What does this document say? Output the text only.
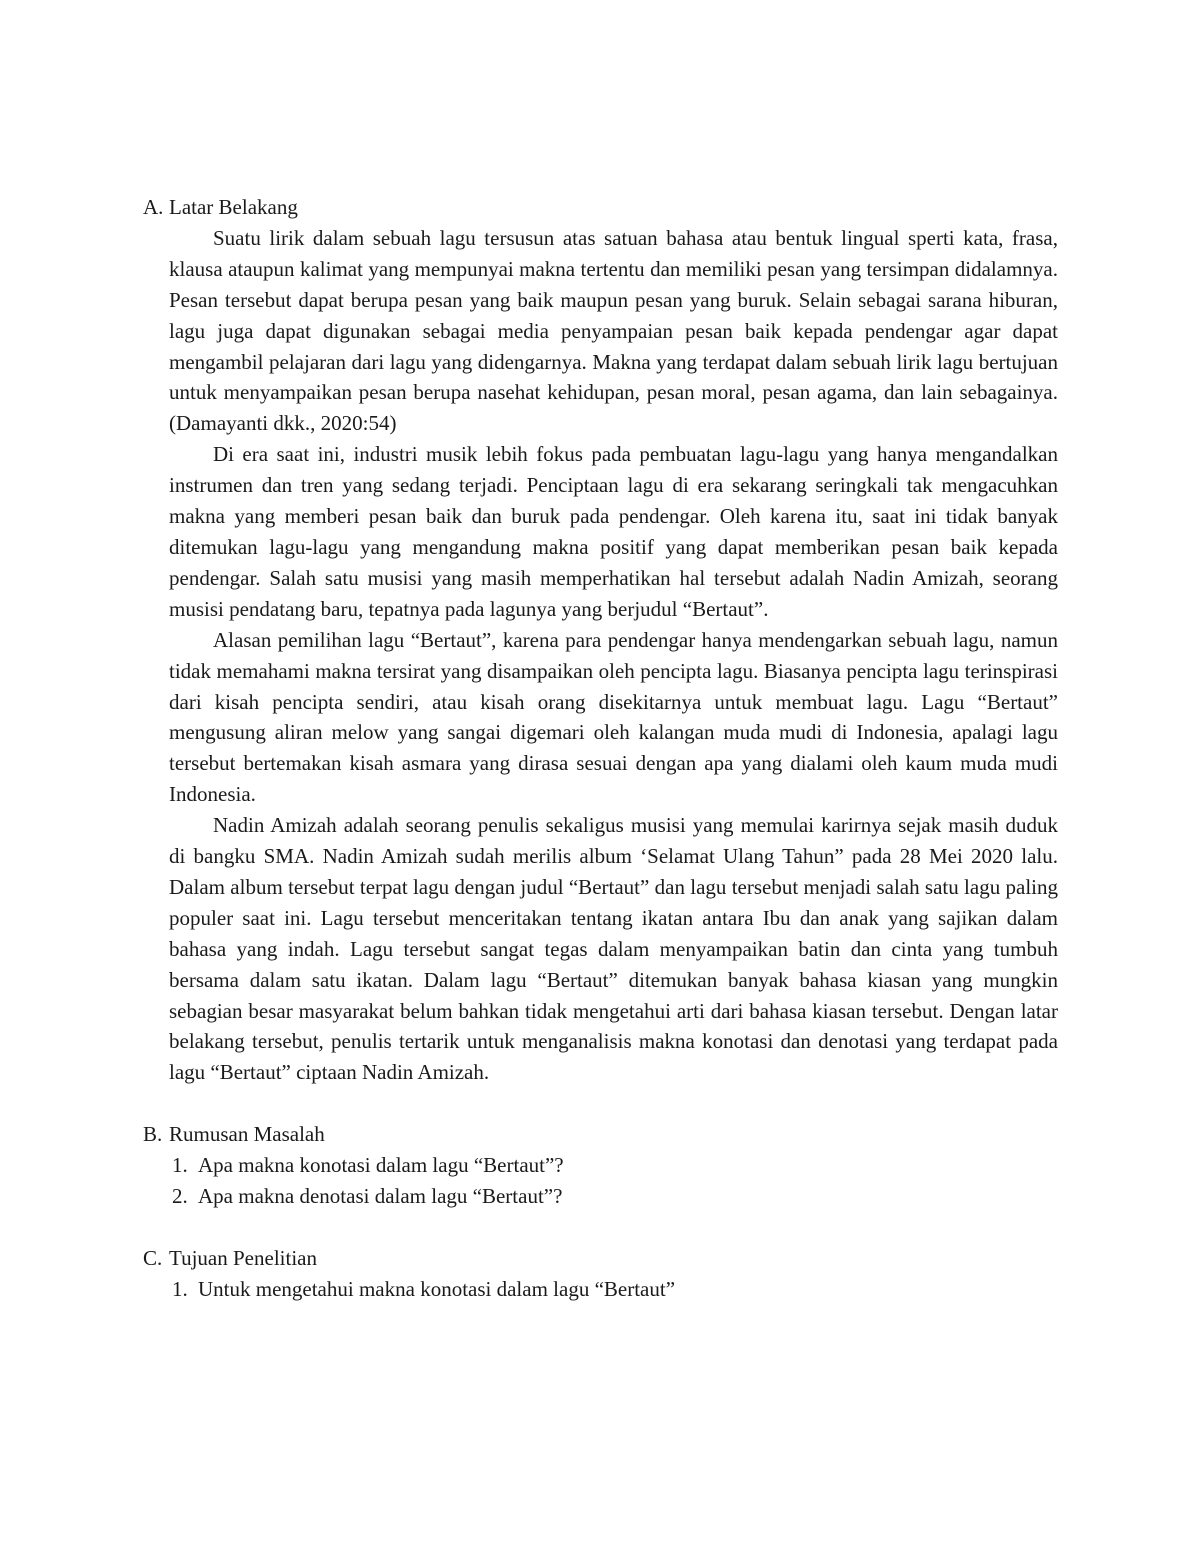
A. Latar Belakang

Suatu lirik dalam sebuah lagu tersusun atas satuan bahasa atau bentuk lingual sperti kata, frasa, klausa ataupun kalimat yang mempunyai makna tertentu dan memiliki pesan yang tersimpan didalamnya. Pesan tersebut dapat berupa pesan yang baik maupun pesan yang buruk. Selain sebagai sarana hiburan, lagu juga dapat digunakan sebagai media penyampaian pesan baik kepada pendengar agar dapat mengambil pelajaran dari lagu yang didengarnya. Makna yang terdapat dalam sebuah lirik lagu bertujuan untuk menyampaikan pesan berupa nasehat kehidupan, pesan moral, pesan agama, dan lain sebagainya. (Damayanti dkk., 2020:54)

Di era saat ini, industri musik lebih fokus pada pembuatan lagu-lagu yang hanya mengandalkan instrumen dan tren yang sedang terjadi. Penciptaan lagu di era sekarang seringkali tak mengacuhkan makna yang memberi pesan baik dan buruk pada pendengar. Oleh karena itu, saat ini tidak banyak ditemukan lagu-lagu yang mengandung makna positif yang dapat memberikan pesan baik kepada pendengar. Salah satu musisi yang masih memperhatikan hal tersebut adalah Nadin Amizah, seorang musisi pendatang baru, tepatnya pada lagunya yang berjudul “Bertaut”.

Alasan pemilihan lagu “Bertaut”, karena para pendengar hanya mendengarkan sebuah lagu, namun tidak memahami makna tersirat yang disampaikan oleh pencipta lagu. Biasanya pencipta lagu terinspirasi dari kisah pencipta sendiri, atau kisah orang disekitarnya untuk membuat lagu. Lagu “Bertaut” mengusung aliran melow yang sangai digemari oleh kalangan muda mudi di Indonesia, apalagi lagu tersebut bertemakan kisah asmara yang dirasa sesuai dengan apa yang dialami oleh kaum muda mudi Indonesia.

Nadin Amizah adalah seorang penulis sekaligus musisi yang memulai karirnya sejak masih duduk di bangku SMA. Nadin Amizah sudah merilis album ‘Selamat Ulang Tahun” pada 28 Mei 2020 lalu. Dalam album tersebut terpat lagu dengan judul “Bertaut” dan lagu tersebut menjadi salah satu lagu paling populer saat ini. Lagu tersebut menceritakan tentang ikatan antara Ibu dan anak yang sajikan dalam bahasa yang indah. Lagu tersebut sangat tegas dalam menyampaikan batin dan cinta yang tumbuh bersama dalam satu ikatan. Dalam lagu “Bertaut” ditemukan banyak bahasa kiasan yang mungkin sebagian besar masyarakat belum bahkan tidak mengetahui arti dari bahasa kiasan tersebut. Dengan latar belakang tersebut, penulis tertarik untuk menganalisis makna konotasi dan denotasi yang terdapat pada lagu “Bertaut” ciptaan Nadin Amizah.

B. Rumusan Masalah
1. Apa makna konotasi dalam lagu “Bertaut”?
2. Apa makna denotasi dalam lagu “Bertaut”?
C. Tujuan Penelitian
1. Untuk mengetahui makna konotasi dalam lagu “Bertaut”
